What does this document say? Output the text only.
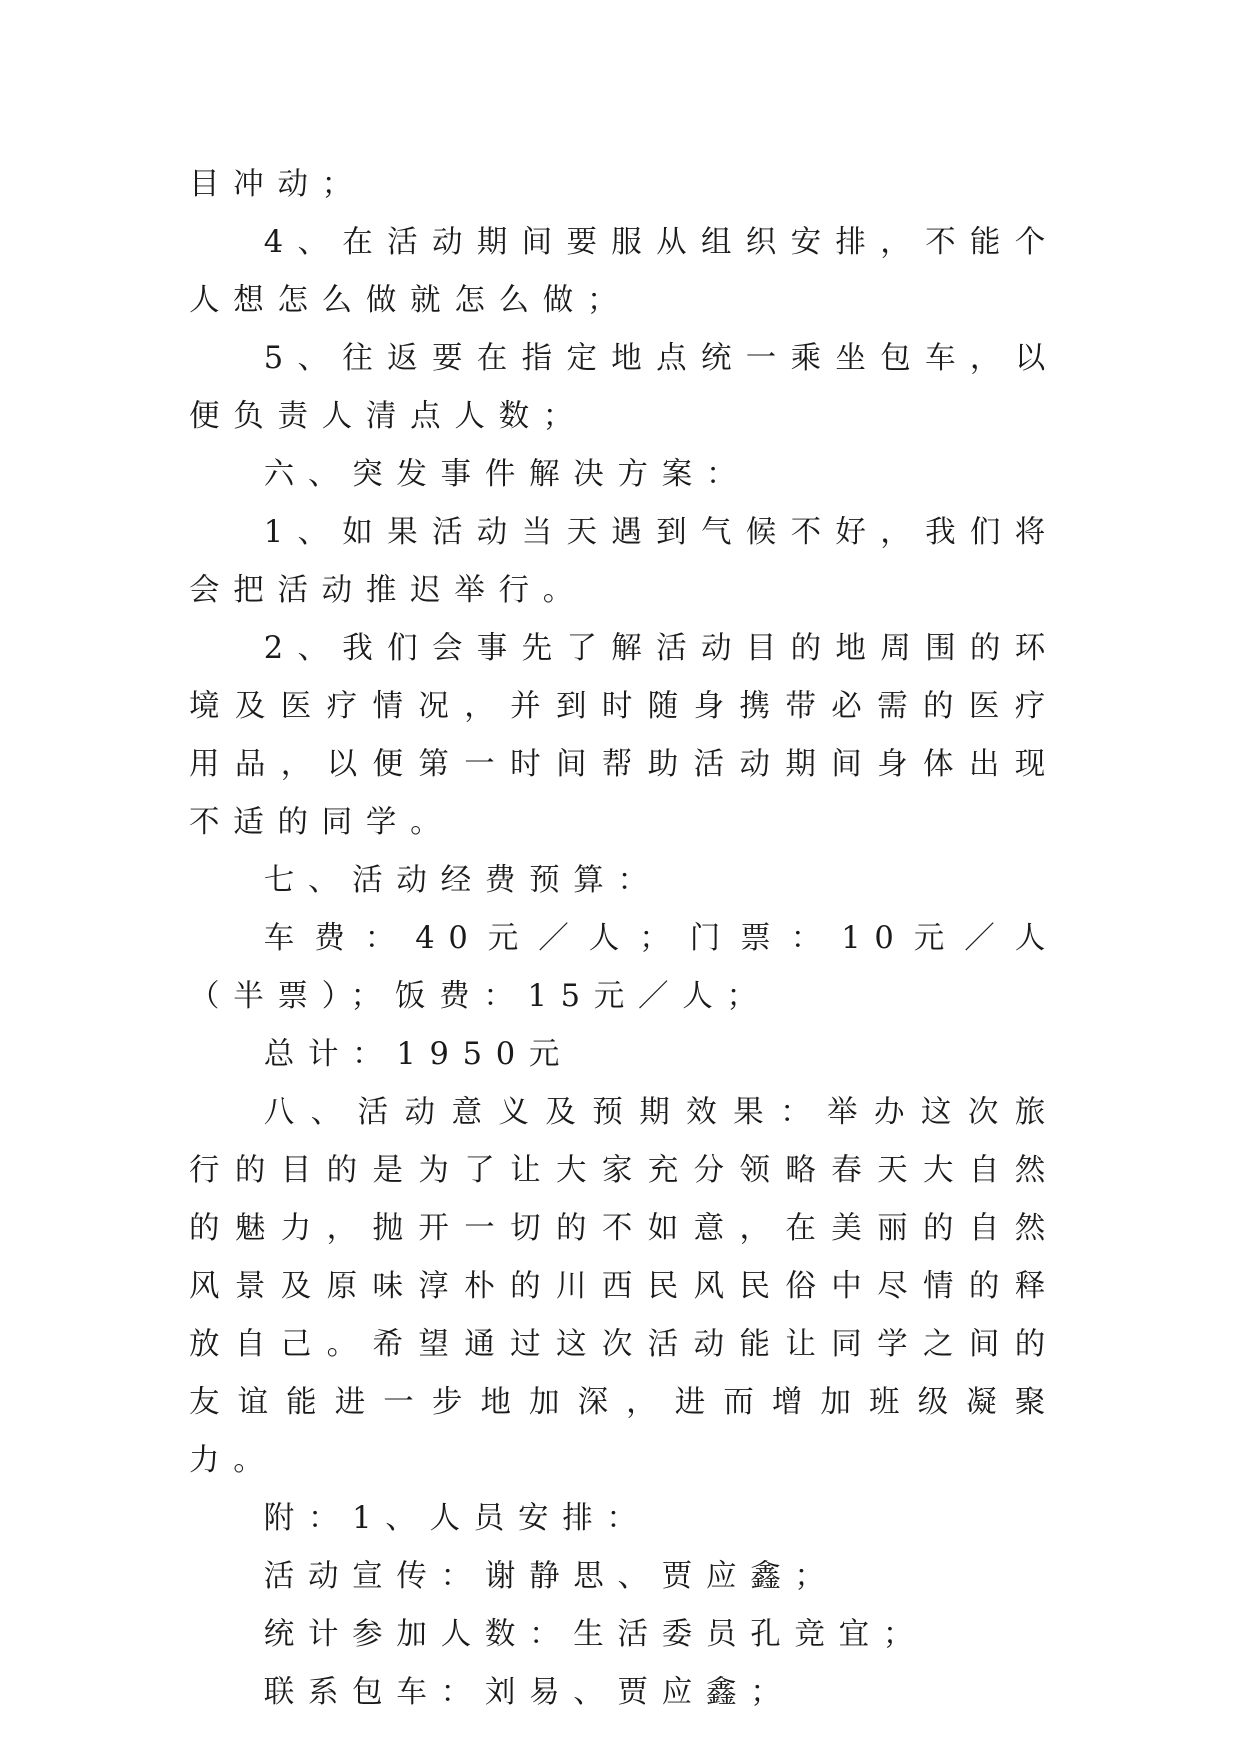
目冲动；

4、在活动期间要服从组织安排，不能个人想怎么做就怎么做；

5、往返要在指定地点统一乘坐包车，以便负责人清点人数；

六、突发事件解决方案：

1、如果活动当天遇到气候不好，我们将会把活动推迟举行。

2、我们会事先了解活动目的地周围的环境及医疗情况，并到时随身携带必需的医疗用品，以便第一时间帮助活动期间身体出现不适的同学。

七、活动经费预算：

车费：40元／人；门票：10元／人（半票）；饭费：15元／人；

总计：1950元

八、活动意义及预期效果：举办这次旅行的目的是为了让大家充分领略春天大自然的魅力，抛开一切的不如意，在美丽的自然风景及原味淳朴的川西民风民俗中尽情的释放自己。希望通过这次活动能让同学之间的友谊能进一步地加深，进而增加班级凝聚力。

附：1、人员安排：

活动宣传：谢静思、贾应鑫；

统计参加人数：生活委员孔竞宜；

联系包车：刘易、贾应鑫；
